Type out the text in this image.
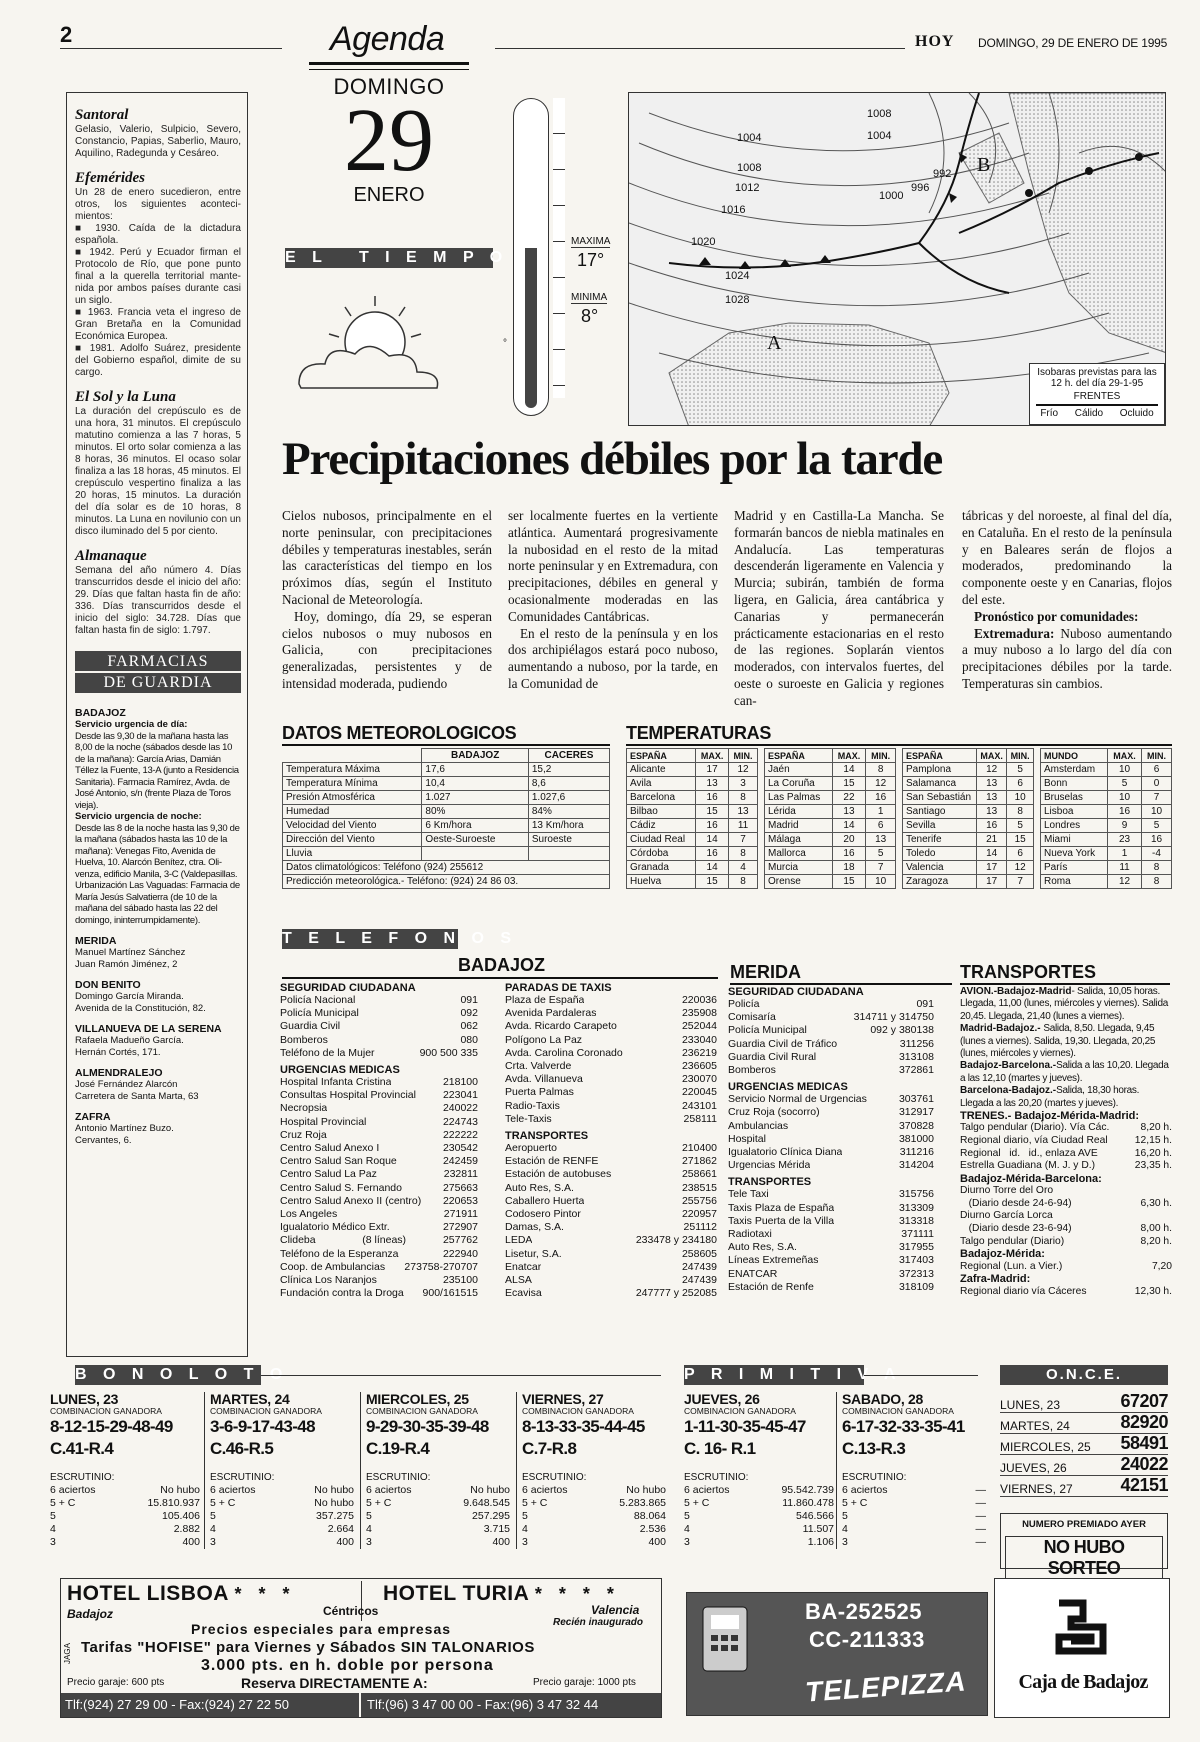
2	Agenda	HOY DOMINGO, 29 DE ENERO DE 1995
Santoral
Gelasio, Valerio, Sulpicio, Severo, Constancio, Papias, Saberlio, Mauro, Aquilino, Radegunda y Cesáreo.
Efemérides

Un 28 de enero sucedieron, entre otros, los siguientes acontecimientos:

■ 1930. Caída de la dictadura española.

■ 1942. Perú y Ecuador firman el Protocolo de Río, que pone punto final a la querella territorial mantenida por ambos países durante casi un siglo.

■ 1963. Francia veta el ingreso de Gran Bretaña en la Comunidad Económica Europea.

■ 1981. Adolfo Suárez, presidente del Gobierno español, dimite de su cargo.

El Sol y la Luna
La duración del crepúsculo es de una hora, 31 minutos. El crepúsculo matutino comienza a las 7 horas, 5 minutos. El orto solar comienza a las 8 horas, 36 minutos. El ocaso solar finaliza a las 18 horas, 45 minutos. El crepúsculo vespertino finaliza a las 20 horas, 15 minutos. La duración del día solar es de 10 horas, 8 minutos. La Luna en novilunio con un disco iluminado del 5 por ciento.
Almanaque
Semana del año número 4. Días transcurridos desde el inicio del año: 29. Días que faltan hasta fin de año: 336. Días transcurridos desde el inicio del siglo: 34.728. Días que faltan hasta fin de siglo: 1.797.
FARMACIAS
DE GUARDIA
BADAJOZ
Servicio urgencia de día:
Desde las 9,30 de la mañana hasta las 8,00 de la noche (sábados desde las 10 de la mañana): García Arias, Damián Téllez la Fuente, 13-A (junto a Residencia Sanitaria). Farmacia Ramírez, Avda. de José Antonio, s/n (frente Plaza de Toros vieja).
Servicio urgencia de noche:
Desde las 8 de la noche hasta las 9,30 de la mañana (sábados hasta las 10 de la mañana): Venegas Fito, Avenida de Huelva, 10. Alarcón Benítez, ctra. Olivenza, edificio Manila, 3-C (Valdepasillas. Urbanización Las Vaguadas: Farmacia de María Jesús Salvatierra (de 10 de la mañana del sábado hasta las 22 del domingo, ininterrumpidamente).
MERIDA
Manuel Martínez Sánchez
Juan Ramón Jiménez, 2
DON BENITO
Domingo García Miranda.
Avenida de la Constitución, 82.
VILLANUEVA DE LA SERENA
Rafaela Madueño García.
Hernán Cortés, 171.
ALMENDRALEJO
José Fernández Alarcón
Carretera de Santa Marta, 63
ZAFRA
Antonio Martínez Buzo.
Cervantes, 6.
DOMINGO
29
ENERO
E L   T I E M P O
MAXIMA
17°
MINIMA
8°
°
1008
1004	1004
1008
1012
1016
1020
1024
1028
1000
996
992
A
B
Isobaras previstas para las 12 h. del día 29-1-95
FRENTES
Frío Cálido Ocluido
Precipitaciones débiles por la tarde
Cielos nubosos, principalmente en el norte peninsular, con precipitaciones débiles y temperaturas inestables, serán las características del tiempo en los próximos días, según el Instituto Nacional de Meteorología.
Hoy, domingo, día 29, se esperan cielos nubosos o muy nubosos en Galicia, con precipitaciones generalizadas, persistentes y de intensidad moderada, pudiendo
ser localmente fuertes en la vertiente atlántica. Aumentará progresivamente la nubosidad en el resto de la mitad norte peninsular y en Extremadura, con precipitaciones, débiles en general y ocasionalmente moderadas en las Comunidades Cantábricas.
En el resto de la península y en los dos archipiélagos estará poco nuboso, aumentando a nuboso, por la tarde, en la Comunidad de
Madrid y en Castilla-La Mancha. Se formarán bancos de niebla matinales en Andalucía. Las temperaturas descenderán ligeramente en Valencia y Murcia; subirán, también de forma ligera, en Galicia, área cantábrica y Canarias y permanecerán prácticamente estacionarias en el resto de las regiones. Soplarán vientos moderados, con intervalos fuertes, del oeste o suroeste en Galicia y regiones can-
tábricas y del noroeste, al final del día, en Cataluña. En el resto de la península y en Baleares serán de flojos a moderados, predominando la componente oeste y en Canarias, flojos del este.
Pronóstico por comunidades:
Extremadura: Nuboso aumentando a muy nuboso a lo largo del día con precipitaciones débiles por la tarde. Temperaturas sin cambios.
DATOS METEOROLOGICOS
	BADAJOZ	CACERES
Temperatura Máxima	17,6	15,2
Temperatura Mínima	10,4	8,6
Presión Atmosférica	1.027	1.027,6
Humedad	80%	84%
Velocidad del Viento	6 Km/hora	13 Km/hora
Dirección del Viento	Oeste-Suroeste	Suroeste
Lluvia		
Datos climatológicos: Teléfono (924) 255612		
Predicción meteorológica.- Teléfono: (924) 24 86 03.		
TEMPERATURAS
ESPAÑA	MAX.	MIN.
Alicante	17	12
Avila	13	3
Barcelona	16	8
Bilbao	15	13
Cádiz	16	11
Ciudad Real	14	7
Córdoba	16	8
Granada	14	4
Huelva	15	8
ESPAÑA	MAX.	MIN.
Jaén	14	8
La Coruña	15	12
Las Palmas	22	16
Lérida	13	1
Madrid	14	6
Málaga	20	13
Mallorca	16	5
Murcia	18	7
Orense	15	10
ESPAÑA	MAX.	MIN.
Pamplona	12	5
Salamanca	13	6
San Sebastián	13	10
Santiago	13	8
Sevilla	16	5
Tenerife	21	15
Toledo	14	6
Valencia	17	12
Zaragoza	17	7
MUNDO	MAX.	MIN.
Amsterdam	10	6
Bonn	5	0
Bruselas	10	7
Lisboa	16	10
Londres	9	5
Miami	23	16
Nueva York	1	-4
París	11	8
Roma	12	8
T E L E F O N O S
BADAJOZ	MERIDA	TRANSPORTES
SEGURIDAD CIUDADANA
Policía Nacional	091
Policía Municipal	092
Guardia Civil	062
Bomberos	080
Teléfono de la Mujer	900 500 335
URGENCIAS MEDICAS
Hospital Infanta Cristina	218100
Consultas Hospital Provincial	223041
Necropsia	240022
Hospital Provincial	224743
Cruz Roja	222222
Centro Salud Anexo I	230542
Centro Salud San Roque	242459
Centro Salud La Paz	232811
Centro Salud S. Fernando	275663
Centro Salud Anexo II (centro) 220653
Los Angeles	271911
Igualatorio Médico Extr.	272907
Clideba                (8 líneas)	257762
Teléfono de la Esperanza	222940
Coop. de Ambulancias 273758-270707
Clínica Los Naranjos	235100
Fundación contra la Droga 900/161515
PARADAS DE TAXIS
Plaza de España	220036
Avenida Pardaleras	235908
Avda. Ricardo Carapeto	252044
Polígono La Paz	233040
Avda. Carolina Coronado	236219
Crta. Valverde	236605
Avda. Villanueva	230070
Puerta Palmas	220045
Radio-Taxis	243101
Tele-Taxis	258111
TRANSPORTES
Aeropuerto	210400
Estación de RENFE	271862
Estación de autobuses	258661
Auto Res, S.A.	238515
Caballero Huerta	255756
Codosero Pintor	220957
Damas, S.A.	251112
LEDA	233478 y 234180
Lisetur, S.A.	258605
Enatcar	247439
ALSA	247439
Ecavisa	247777 y 252085
SEGURIDAD CIUDADANA
Policía	091
Comisaría	314711 y 314750
Policía Municipal	092 y 380138
Guardia Civil de Tráfico	311256
Guardia Civil Rural	313108
Bomberos	372861
URGENCIAS MEDICAS
Servicio Normal de Urgencias	303761
Cruz Roja (socorro)	312917
Ambulancias	370828
Hospital	381000
Igualatorio Clínica Diana	311216
Urgencias Mérida	314204
TRANSPORTES
Tele Taxi	315756
Taxis Plaza de España	313309
Taxis Puerta de la Villa	313318
Radiotaxi	371111
Auto Res, S.A.	317955
Líneas Extremeñas	317403
ENATCAR	372313
Estación de Renfe	318109
AVION.-Badajoz-Madrid- Salida, 10,05 horas. Llegada, 11,00 (lunes, miércoles y viernes). Salida 20,45. Llegada, 21,40 (lunes a viernes).
Madrid-Badajoz.- Salida, 8,50. Llegada, 9,45 (lunes a viernes). Salida, 19,30. Llegada, 20,25 (lunes, miércoles y viernes).
Badajoz-Barcelona.-Salida a las 10,20. Llegada a las 12,10 (martes y jueves).
Barcelona-Badajoz.-Salida, 18,30 horas. Llegada a las 20,20 (martes y jueves).
TRENES.- Badajoz-Mérida-Madrid:
Talgo pendular (Diario). Vía Các.	8,20 h.
Regional diario, vía Ciudad Real	12,15 h.
Regional   id.   id., enlaza AVE	16,20 h.
Estrella Guadiana (M. J. y D.)	23,35 h.
Badajoz-Mérida-Barcelona:
Diurno Torre del Oro
(Diario desde 24-6-94)	6,30 h.
Diurno García Lorca
(Diario desde 23-6-94)	8,00 h.
Talgo pendular (Diario)	8,20 h.
Badajoz-Mérida:
Regional (Lun. a Vier.)	7,20
Zafra-Madrid:
Regional diario vía Cáceres	12,30 h.
B O N O L O T O
LUNES, 23
COMBINACION GANADORA
8-12-15-29-48-49
C.41-R.4
ESCRUTINIO:
6 aciertos	No hubo
5 + C	15.810.937
5	105.406
4	2.882
3	400
MARTES, 24
COMBINACION GANADORA
3-6-9-17-43-48
C.46-R.5
ESCRUTINIO:
6 aciertos	No hubo
5 + C	No hubo
5	357.275
4	2.664
3	400
MIERCOLES, 25
COMBINACION GANADORA
9-29-30-35-39-48
C.19-R.4
ESCRUTINIO:
6 aciertos	No hubo
5 + C	9.648.545
5	257.295
4	3.715
3	400
VIERNES, 27
COMBINACION GANADORA
8-13-33-35-44-45
C.7-R.8
ESCRUTINIO:
6 aciertos	No hubo
5 + C	5.283.865
5	88.064
4	2.536
3	400
P R I M I T I V A
JUEVES, 26
COMBINACION GANADORA
1-11-30-35-45-47
C. 16- R.1
ESCRUTINIO:
6 aciertos	95.542.739
5 + C	11.860.478
5	546.566
4	11.507
3	1.106
SABADO, 28
COMBINACION GANADORA
6-17-32-33-35-41
C.13-R.3
ESCRUTINIO:
6 aciertos	—
5 + C	—
5	—
4	—
3	—
O.N.C.E.
LUNES, 23	67207
MARTES, 24	82920
MIERCOLES, 25 58491
JUEVES, 26	24022
VIERNES, 27	42151
NUMERO PREMIADO AYER
NO HUBO SORTEO
HOTEL LISBOA * * *	HOTEL TURIA * * * *
Badajoz	Céntricos	Valencia
Recién inaugurado
Precios especiales para empresas
Tarifas "HOFISE" para Viernes y Sábados SIN TALONARIOS
3.000 pts. en h. doble por persona
JAGA
Precio garaje: 600 pts	Reserva DIRECTAMENTE A:	Precio garaje: 1000 pts
Tlf:(924) 27 29 00 - Fax:(924) 27 22 50	Tlf:(96) 3 47 00 00 - Fax:(96) 3 47 32 44
BA-252525
CC-211333
TELEPIZZA	Caja de Badajoz
